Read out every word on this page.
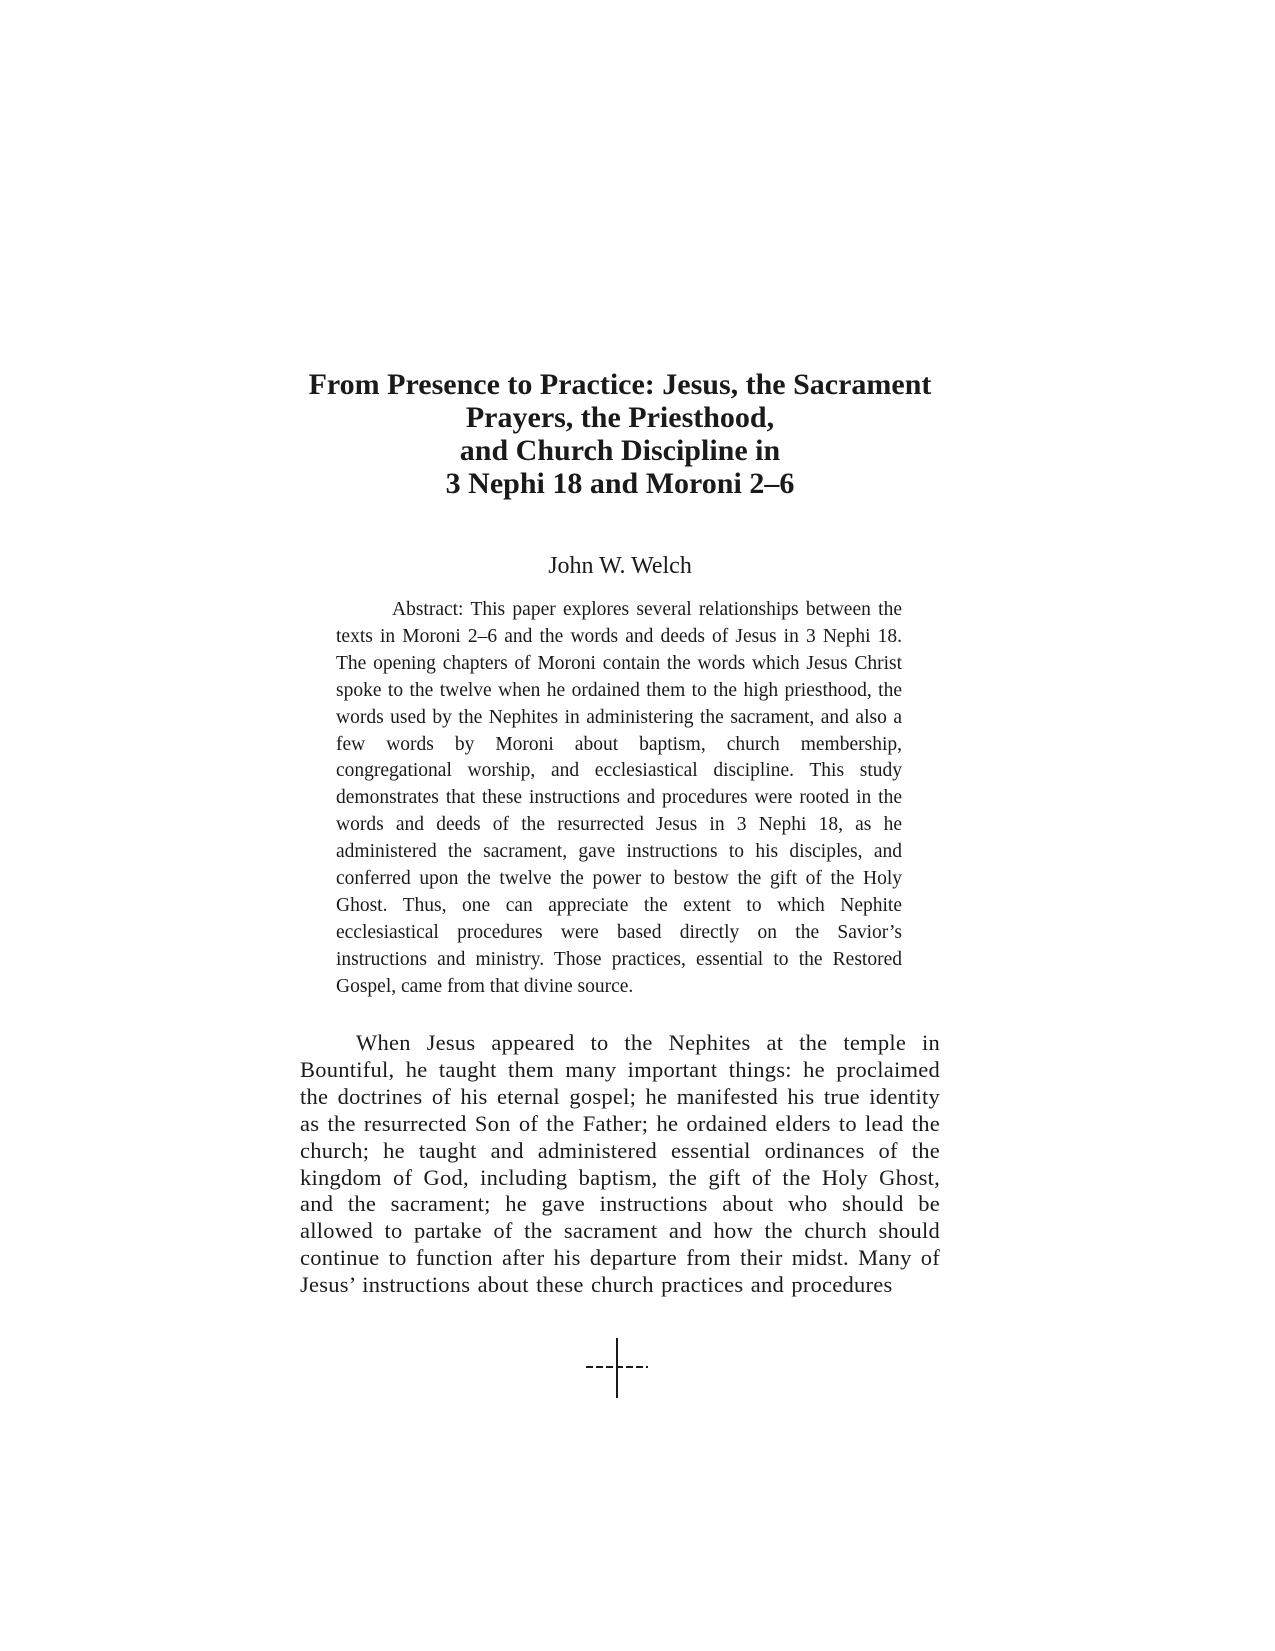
From Presence to Practice: Jesus, the Sacrament

Prayers, the Priesthood,

and Church Discipline in

3 Nephi 18 and Moroni 2–6

John W. Welch

Abstract: This paper explores several relationships between the texts in Moroni 2–6 and the words and deeds of Jesus in 3 Nephi 18. The opening chapters of Moroni contain the words which Jesus Christ spoke to the twelve when he ordained them to the high priesthood, the words used by the Nephites in administering the sacrament, and also a few words by Moroni about baptism, church membership, congregational worship, and ecclesiastical discipline. This study demonstrates that these instructions and procedures were rooted in the words and deeds of the resurrected Jesus in 3 Nephi 18, as he administered the sacrament, gave instructions to his disciples, and conferred upon the twelve the power to bestow the gift of the Holy Ghost. Thus, one can appreciate the extent to which Nephite ecclesiastical procedures were based directly on the Savior’s instructions and ministry. Those practices, essential to the Restored Gospel, came from that divine source.

When Jesus appeared to the Nephites at the temple in Bountiful, he taught them many important things: he proclaimed the doctrines of his eternal gospel; he manifested his true identity as the resurrected Son of the Father; he ordained elders to lead the church; he taught and administered essential ordinances of the kingdom of God, including baptism, the gift of the Holy Ghost, and the sacrament; he gave instructions about who should be allowed to partake of the sacrament and how the church should continue to function after his departure from their midst. Many of Jesus’ instructions about these church practices and procedures
